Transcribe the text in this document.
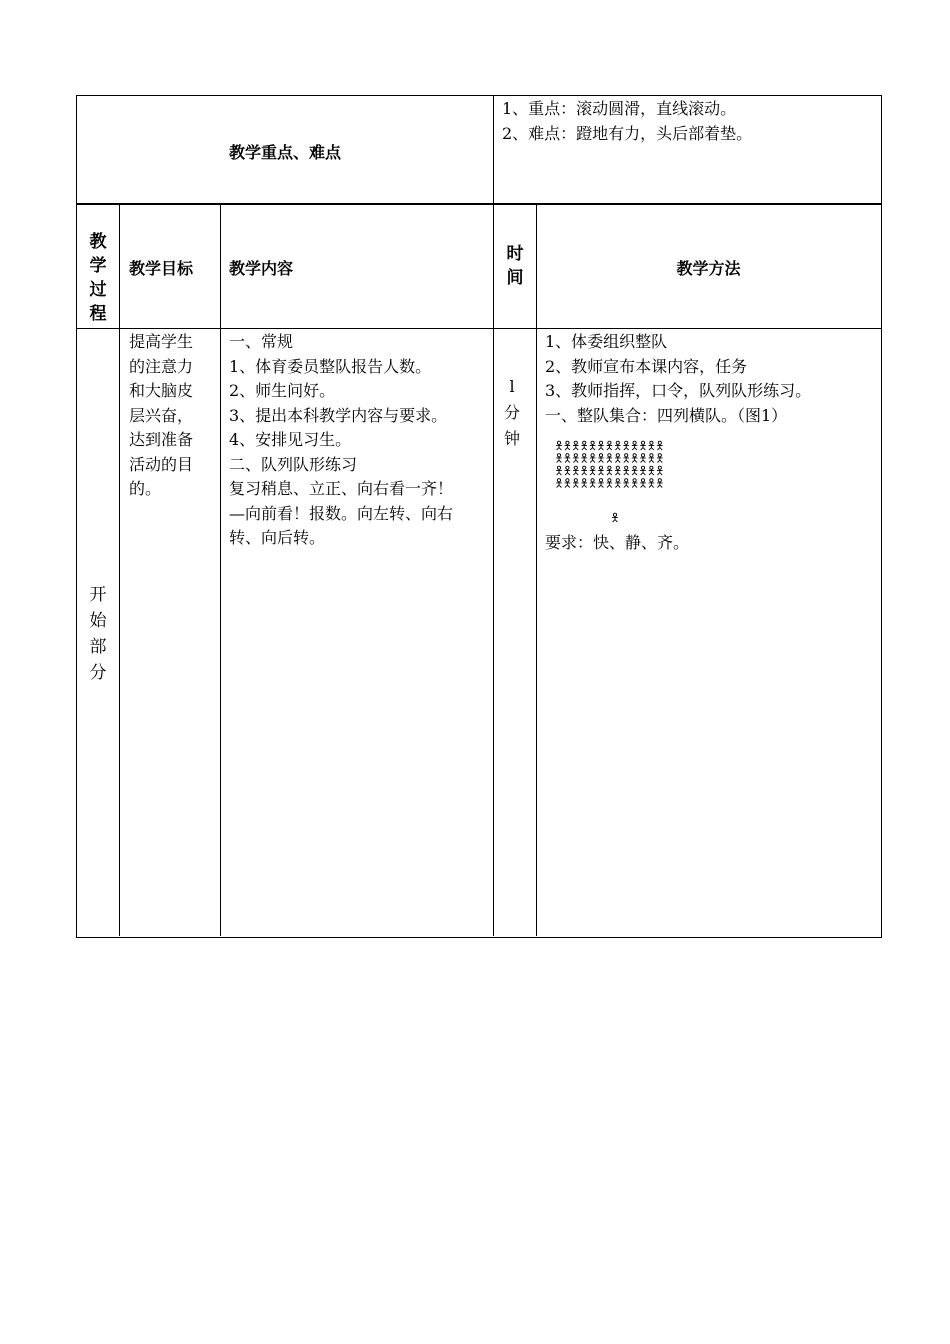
教学重点、难点
1、重点：滚动圆滑，直线滚动。
2、难点：蹬地有力，头后部着垫。
教
学
过
程
教学目标 教学内容
时
间	教学方法
开
始
部
分
提高学生
的注意力
和大脑皮
层兴奋，
达到准备
活动的目
的。
一、常规
1、体育委员整队报告人数。
2、师生问好。
3、提出本科教学内容与要求。
4、安排见习生。
二、队列队形练习
复习稍息、立正、向右看一齐！
—向前看！报数。向左转、向右
转、向后转。
l
分
钟
1、体委组织整队
2、教师宣布本课内容，任务
3、教师指挥，口令，队列队形练习。
一、整队集合：四列横队。（图1）
要求：快、静、齐。
